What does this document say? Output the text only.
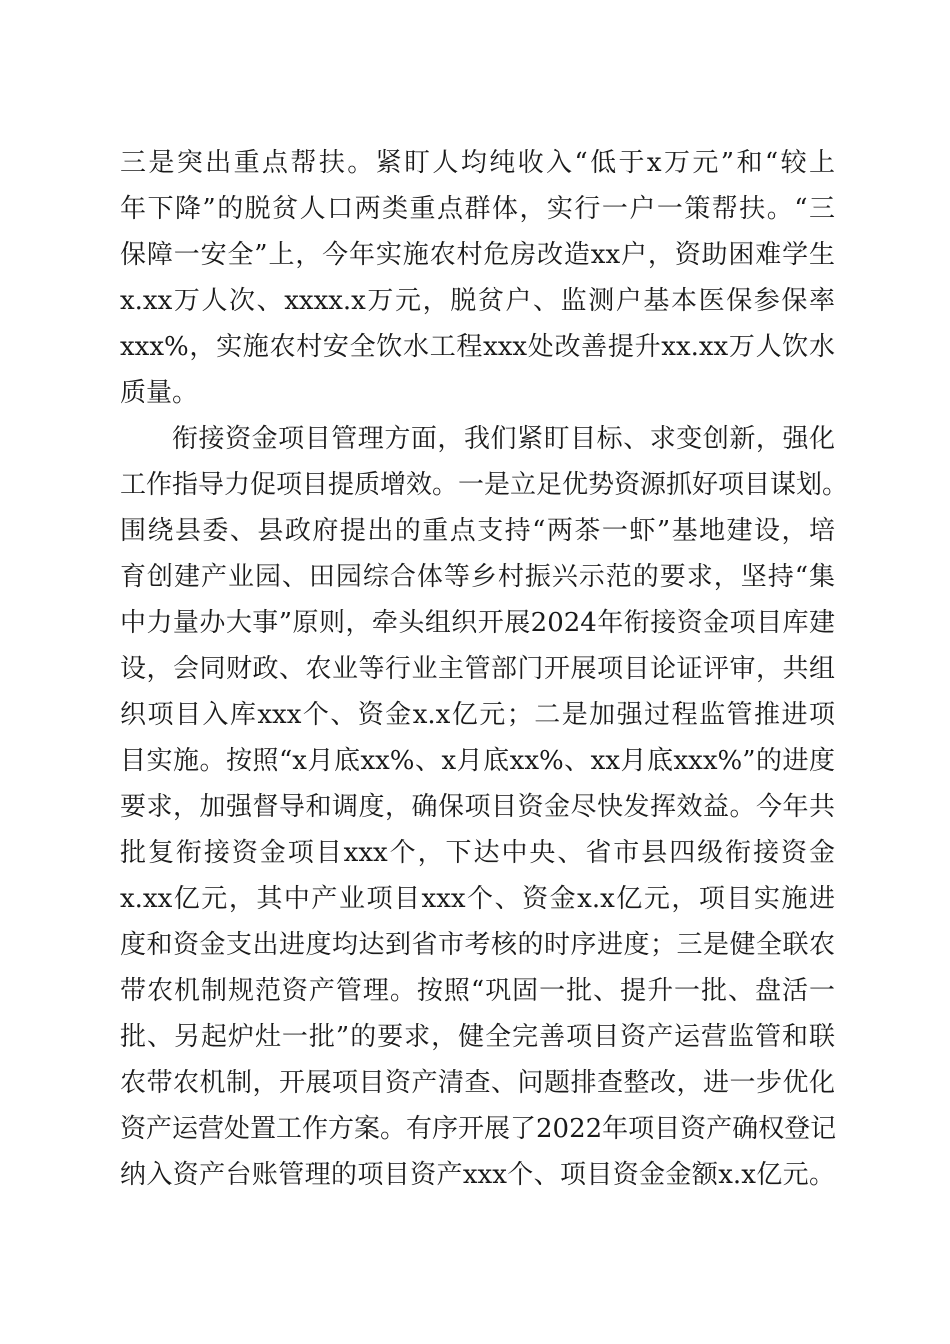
三是突出重点帮扶。紧盯人均纯收入“低于x万元”和“较上
年下降”的脱贫人口两类重点群体，实行一户一策帮扶。“三
保障一安全”上，今年实施农村危房改造xx户，资助困难学生
x.xx万人次、xxxx.x万元，脱贫户、监测户基本医保参保率
xxx%，实施农村安全饮水工程xxx处改善提升xx.xx万人饮水
质量。
衔接资金项目管理方面，我们紧盯目标、求变创新，强化
工作指导力促项目提质增效。一是立足优势资源抓好项目谋划。
围绕县委、县政府提出的重点支持“两茶一虾”基地建设，培
育创建产业园、田园综合体等乡村振兴示范的要求，坚持“集
中力量办大事”原则，牵头组织开展2024年衔接资金项目库建
设，会同财政、农业等行业主管部门开展项目论证评审，共组
织项目入库xxx个、资金x.x亿元；二是加强过程监管推进项
目实施。按照“x月底xx%、x月底xx%、xx月底xxx%”的进度
要求，加强督导和调度，确保项目资金尽快发挥效益。今年共
批复衔接资金项目xxx个，下达中央、省市县四级衔接资金
x.xx亿元，其中产业项目xxx个、资金x.x亿元，项目实施进
度和资金支出进度均达到省市考核的时序进度；三是健全联农
带农机制规范资产管理。按照“巩固一批、提升一批、盘活一
批、另起炉灶一批”的要求，健全完善项目资产运营监管和联
农带农机制，开展项目资产清查、问题排查整改，进一步优化
资产运营处置工作方案。有序开展了2022年项目资产确权登记
纳入资产台账管理的项目资产xxx个、项目资金金额x.x亿元。
